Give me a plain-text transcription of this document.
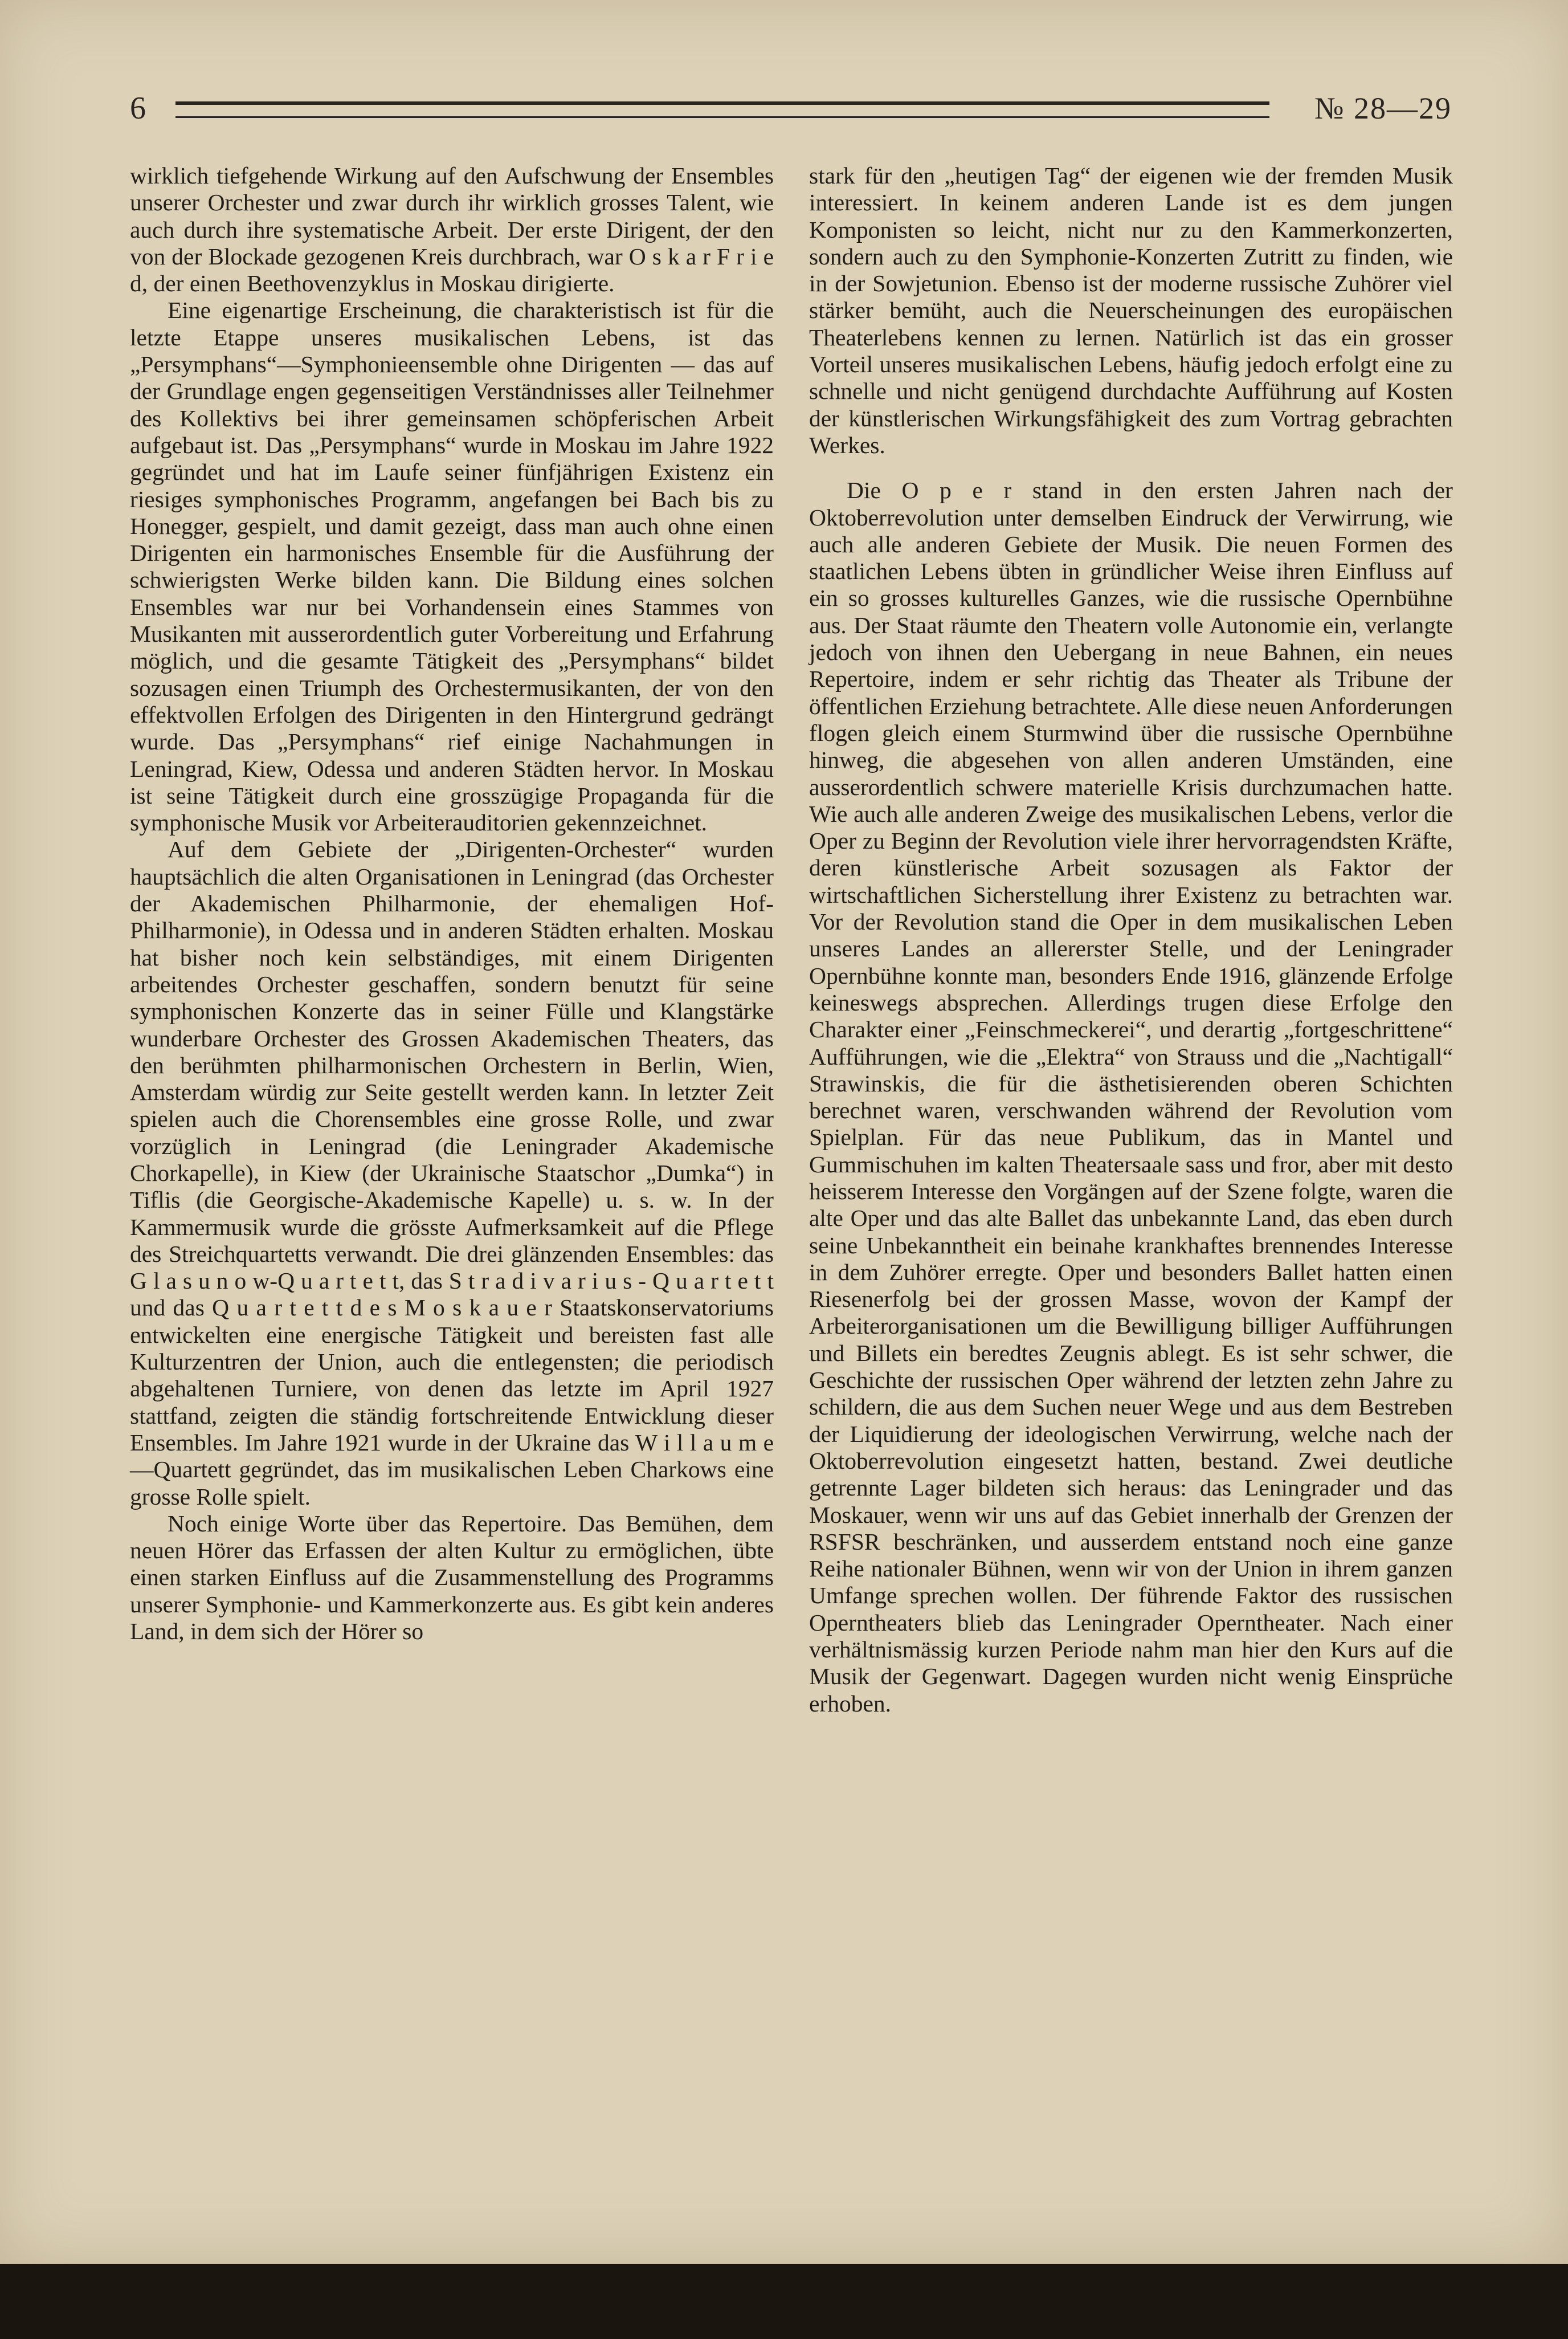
6	№ 28—29

wirklich tiefgehende Wirkung auf den Aufschwung der Ensembles unserer Orchester und zwar durch ihr wirklich grosses Talent, wie auch durch ihre systematische Arbeit. Der erste Dirigent, der den von der Blockade gezogenen Kreis durchbrach, war O s k a r F r i e d, der einen Beethovenzyklus in Moskau dirigierte.

Eine eigenartige Erscheinung, die charakteristisch ist für die letzte Etappe unseres musikalischen Lebens, ist das „Persymphans“—Symphonieensemble ohne Dirigenten — das auf der Grundlage engen gegenseitigen Verständnisses aller Teilnehmer des Kollektivs bei ihrer gemeinsamen schöpferischen Arbeit aufgebaut ist. Das „Persymphans“ wurde in Moskau im Jahre 1922 gegründet und hat im Laufe seiner fünfjährigen Existenz ein riesiges symphonisches Programm, angefangen bei Bach bis zu Honegger, gespielt, und damit gezeigt, dass man auch ohne einen Dirigenten ein harmonisches Ensemble für die Ausführung der schwierigsten Werke bilden kann. Die Bildung eines solchen Ensembles war nur bei Vorhandensein eines Stammes von Musikanten mit ausserordentlich guter Vorbereitung und Erfahrung möglich, und die gesamte Tätigkeit des „Persymphans“ bildet sozusagen einen Triumph des Orchestermusikanten, der von den effektvollen Erfolgen des Dirigenten in den Hintergrund gedrängt wurde. Das „Persymphans“ rief einige Nachahmungen in Leningrad, Kiew, Odessa und anderen Städten hervor. In Moskau ist seine Tätigkeit durch eine grosszügige Propaganda für die symphonische Musik vor Arbeiterauditorien gekennzeichnet.

Auf dem Gebiete der „Dirigenten-Orchester“ wurden hauptsächlich die alten Organisationen in Leningrad (das Orchester der Akademischen Philharmonie, der ehemaligen Hof-Philharmonie), in Odessa und in anderen Städten erhalten. Moskau hat bisher noch kein selbständiges, mit einem Dirigenten arbeitendes Orchester geschaffen, sondern benutzt für seine symphonischen Konzerte das in seiner Fülle und Klangstärke wunderbare Orchester des Grossen Akademischen Theaters, das den berühmten philharmonischen Orchestern in Berlin, Wien, Amsterdam würdig zur Seite gestellt werden kann. In letzter Zeit spielen auch die Chorensembles eine grosse Rolle, und zwar vorzüglich in Leningrad (die Leningrader Akademische Chorkapelle), in Kiew (der Ukrainische Staatschor „Dumka“) in Tiflis (die Georgische-Akademische Kapelle) u. s. w. In der Kammermusik wurde die grösste Aufmerksamkeit auf die Pflege des Streichquartetts verwandt. Die drei glänzenden Ensembles: das G l a s u n o w-Q u a r t e t t, das S t r a d i v a r i u s - Q u a r t e t t und das Q u a r t e t t d e s M o s k a u e r Staatskonservatoriums entwickelten eine energische Tätigkeit und bereisten fast alle Kulturzentren der Union, auch die entlegensten; die periodisch abgehaltenen Turniere, von denen das letzte im April 1927 stattfand, zeigten die ständig fortschreitende Entwicklung dieser Ensembles. Im Jahre 1921 wurde in der Ukraine das W i l l a u m e—Quartett gegründet, das im musikalischen Leben Charkows eine grosse Rolle spielt.

Noch einige Worte über das Repertoire. Das Bemühen, dem neuen Hörer das Erfassen der alten Kultur zu ermöglichen, übte einen starken Einfluss auf die Zusammenstellung des Programms unserer Symphonie- und Kammerkonzerte aus. Es gibt kein anderes Land, in dem sich der Hörer so

stark für den „heutigen Tag“ der eigenen wie der fremden Musik interessiert. In keinem anderen Lande ist es dem jungen Komponisten so leicht, nicht nur zu den Kammerkonzerten, sondern auch zu den Symphonie-Konzerten Zutritt zu finden, wie in der Sowjetunion. Ebenso ist der moderne russische Zuhörer viel stärker bemüht, auch die Neuerscheinungen des europäischen Theaterlebens kennen zu lernen. Natürlich ist das ein grosser Vorteil unseres musikalischen Lebens, häufig jedoch erfolgt eine zu schnelle und nicht genügend durchdachte Aufführung auf Kosten der künstlerischen Wirkungsfähigkeit des zum Vortrag gebrachten Werkes.

Die O p e r stand in den ersten Jahren nach der Oktoberrevolution unter demselben Eindruck der Verwirrung, wie auch alle anderen Gebiete der Musik. Die neuen Formen des staatlichen Lebens übten in gründlicher Weise ihren Einfluss auf ein so grosses kulturelles Ganzes, wie die russische Opernbühne aus. Der Staat räumte den Theatern volle Autonomie ein, verlangte jedoch von ihnen den Uebergang in neue Bahnen, ein neues Repertoire, indem er sehr richtig das Theater als Tribune der öffentlichen Erziehung betrachtete. Alle diese neuen Anforderungen flogen gleich einem Sturmwind über die russische Opernbühne hinweg, die abgesehen von allen anderen Umständen, eine ausserordentlich schwere materielle Krisis durchzumachen hatte. Wie auch alle anderen Zweige des musikalischen Lebens, verlor die Oper zu Beginn der Revolution viele ihrer hervorragendsten Kräfte, deren künstlerische Arbeit sozusagen als Faktor der wirtschaftlichen Sicherstellung ihrer Existenz zu betrachten war. Vor der Revolution stand die Oper in dem musikalischen Leben unseres Landes an allererster Stelle, und der Leningrader Opernbühne konnte man, besonders Ende 1916, glänzende Erfolge keineswegs absprechen. Allerdings trugen diese Erfolge den Charakter einer „Feinschmeckerei“, und derartig „fortgeschrittene“ Aufführungen, wie die „Elektra“ von Strauss und die „Nachtigall“ Strawinskis, die für die ästhetisierenden oberen Schichten berechnet waren, verschwanden während der Revolution vom Spielplan. Für das neue Publikum, das in Mantel und Gummischuhen im kalten Theatersaale sass und fror, aber mit desto heisserem Interesse den Vorgängen auf der Szene folgte, waren die alte Oper und das alte Ballet das unbekannte Land, das eben durch seine Unbekanntheit ein beinahe krankhaftes brennendes Interesse in dem Zuhörer erregte. Oper und besonders Ballet hatten einen Riesenerfolg bei der grossen Masse, wovon der Kampf der Arbeiterorganisationen um die Bewilligung billiger Aufführungen und Billets ein beredtes Zeugnis ablegt. Es ist sehr schwer, die Geschichte der russischen Oper während der letzten zehn Jahre zu schildern, die aus dem Suchen neuer Wege und aus dem Bestreben der Liquidierung der ideologischen Verwirrung, welche nach der Oktoberrevolution eingesetzt hatten, bestand. Zwei deutliche getrennte Lager bildeten sich heraus: das Leningrader und das Moskauer, wenn wir uns auf das Gebiet innerhalb der Grenzen der RSFSR beschränken, und ausserdem entstand noch eine ganze Reihe nationaler Bühnen, wenn wir von der Union in ihrem ganzen Umfange sprechen wollen. Der führende Faktor des russischen Operntheaters blieb das Leningrader Operntheater. Nach einer verhältnismässig kurzen Periode nahm man hier den Kurs auf die Musik der Gegenwart. Dagegen wurden nicht wenig Einsprüche erhoben.
